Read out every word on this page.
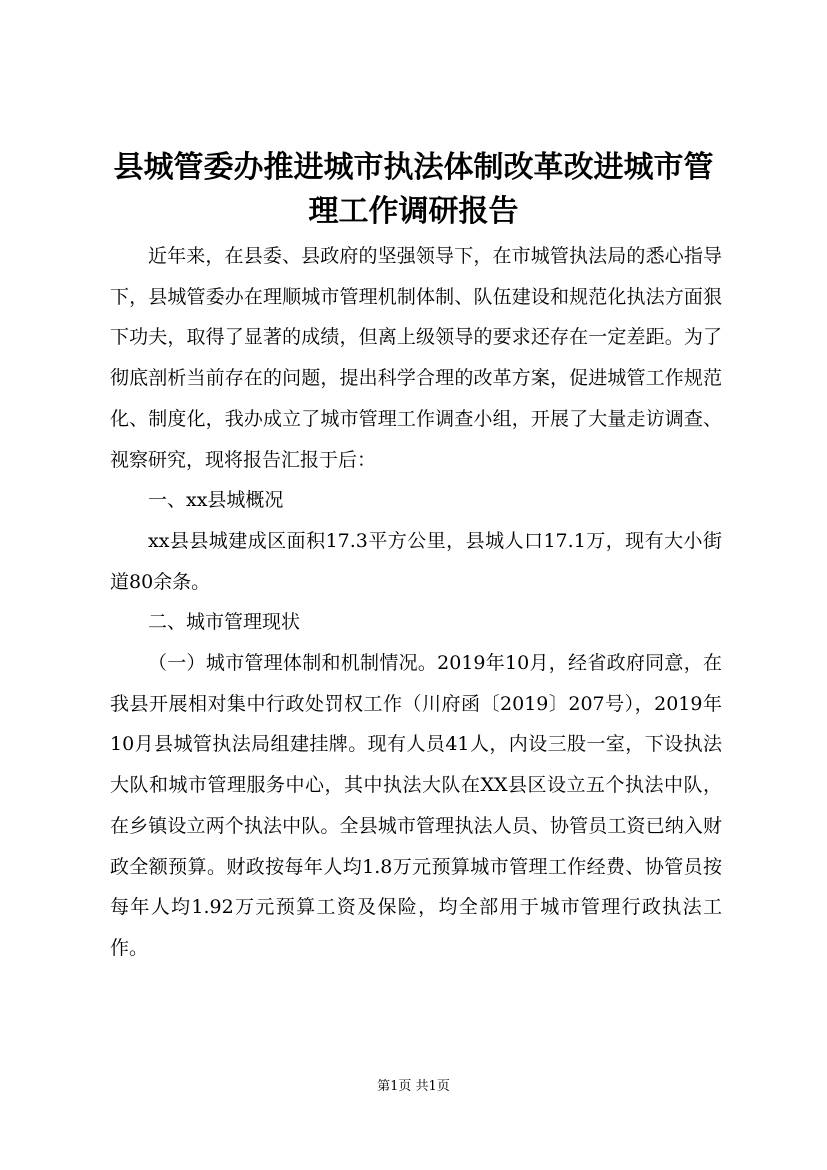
县城管委办推进城市执法体制改革改进城市管理工作调研报告

近年来，在县委、县政府的坚强领导下，在市城管执法局的悉心指导下，县城管委办在理顺城市管理机制体制、队伍建设和规范化执法方面狠下功夫，取得了显著的成绩，但离上级领导的要求还存在一定差距。为了彻底剖析当前存在的问题，提出科学合理的改革方案，促进城管工作规范化、制度化，我办成立了城市管理工作调查小组，开展了大量走访调查、视察研究，现将报告汇报于后：

一、xx县城概况

xx县县城建成区面积17.3平方公里，县城人口17.1万，现有大小街道80余条。

二、城市管理现状

（一）城市管理体制和机制情况。2019年10月，经省政府同意，在我县开展相对集中行政处罚权工作（川府函〔2019〕207号），2019年10月县城管执法局组建挂牌。现有人员41人，内设三股一室，下设执法大队和城市管理服务中心，其中执法大队在XX县区设立五个执法中队，在乡镇设立两个执法中队。全县城市管理执法人员、协管员工资已纳入财政全额预算。财政按每年人均1.8万元预算城市管理工作经费、协管员按每年人均1.92万元预算工资及保险，均全部用于城市管理行政执法工作。

第1页 共1页
